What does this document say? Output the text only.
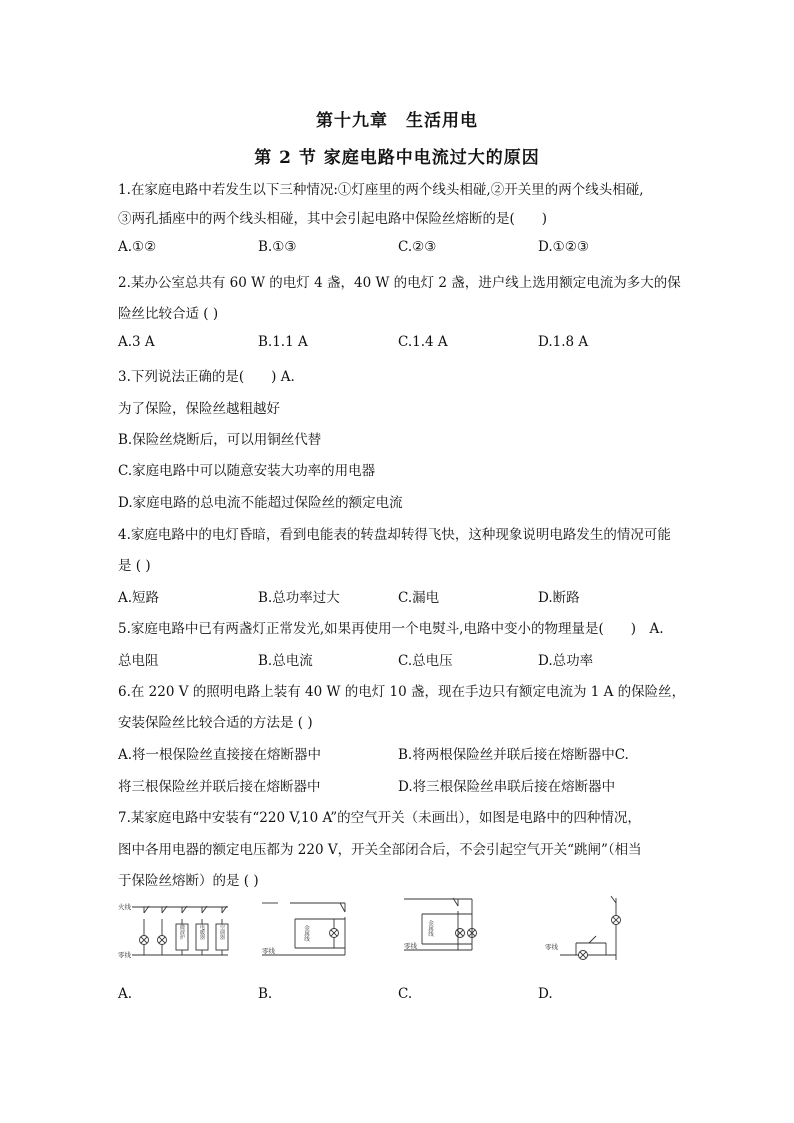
第十九章　生活用电
第 2 节 家庭电路中电流过大的原因
1.在家庭电路中若发生以下三种情况:①灯座里的两个线头相碰,②开关里的两个线头相碰,
③两孔插座中的两个线头相碰，其中会引起电路中保险丝熔断的是(　　)
A.①②	B.①③	C.②③	D.①②③
2.某办公室总共有 60 W 的电灯 4 盏，40 W 的电灯 2 盏，进户线上选用额定电流为多大的保
险丝比较合适 ( )
A.3 A	B.1.1 A	C.1.4 A	D.1.8 A
3.下列说法正确的是(　　) A.
为了保险，保险丝越粗越好
B.保险丝烧断后，可以用铜丝代替
C.家庭电路中可以随意安装大功率的用电器
D.家庭电路的总电流不能超过保险丝的额定电流
4.家庭电路中的电灯昏暗，看到电能表的转盘却转得飞快，这种现象说明电路发生的情况可能
是 ( )
A.短路	B.总功率过大	C.漏电	D.断路
5.家庭电路中已有两盏灯正常发光,如果再使用一个电熨斗,电路中变小的物理量是(　　)　A.
总电阻	B.总电流	C.总电压	D.总功率
6.在 220 V 的照明电路上装有 40 W 的电灯 10 盏，现在手边只有额定电流为 1 A 的保险丝，
安装保险丝比较合适的方法是 ( )
A.将一根保险丝直接接在熔断器中	B.将两根保险丝并联后接在熔断器中C.
将三根保险丝并联后接在熔断器中	D.将三根保险丝串联后接在熔断器中
7.某家庭电路中安装有“220 V,10 A”的空气开关（未画出），如图是电路中的四种情况，
图中各用电器的额定电压都为 220 V，开关全部闭合后，不会引起空气开关“跳闸”（相当
于保险丝熔断）的是 ( )
火线
零线
微波炉	电暖器	空调器
零线
金属线
零线
金属线
零线
A.	B.	C.	D.
